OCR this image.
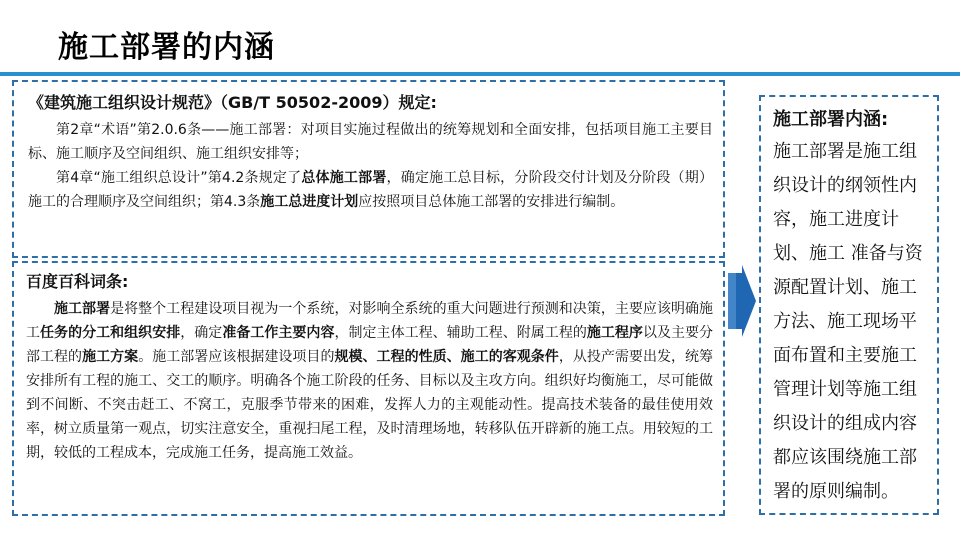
施工部署的内涵
《建筑施工组织设计规范》（GB/T 50502-2009）规定:

第2章“术语”第2.0.6条——施工部署：对项目实施过程做出的统筹规划和全面安排，包括项目施工主要目标、施工顺序及空间组织、施工组织安排等；

第4章“施工组织总设计”第4.2条规定了总体施工部署，确定施工总目标，分阶段交付计划及分阶段（期）施工的合理顺序及空间组织；第4.3条施工总进度计划应按照项目总体施工部署的安排进行编制。

百度百科词条:

施工部署是将整个工程建设项目视为一个系统，对影响全系统的重大问题进行预测和决策，主要应该明确施工任务的分工和组织安排，确定准备工作主要内容，制定主体工程、辅助工程、附属工程的施工程序以及主要分部工程的施工方案。施工部署应该根据建设项目的规模、工程的性质、施工的客观条件，从投产需要出发，统筹安排所有工程的施工、交工的顺序。明确各个施工阶段的任务、目标以及主攻方向。组织好均衡施工，尽可能做到不间断、不突击赶工、不窝工，克服季节带来的困难，发挥人力的主观能动性。提高技术装备的最佳使用效率，树立质量第一观点，切实注意安全，重视扫尾工程，及时清理场地，转移队伍开辟新的施工点。用较短的工期，较低的工程成本，完成施工任务，提高施工效益。

施工部署内涵:

施工部署是施工组织设计的纲领性内容，施工进度计划、施工 准备与资源配置计划、施工方法、施工现场平面布置和主要施工管理计划等施工组织设计的组成内容都应该围绕施工部署的原则编制。
